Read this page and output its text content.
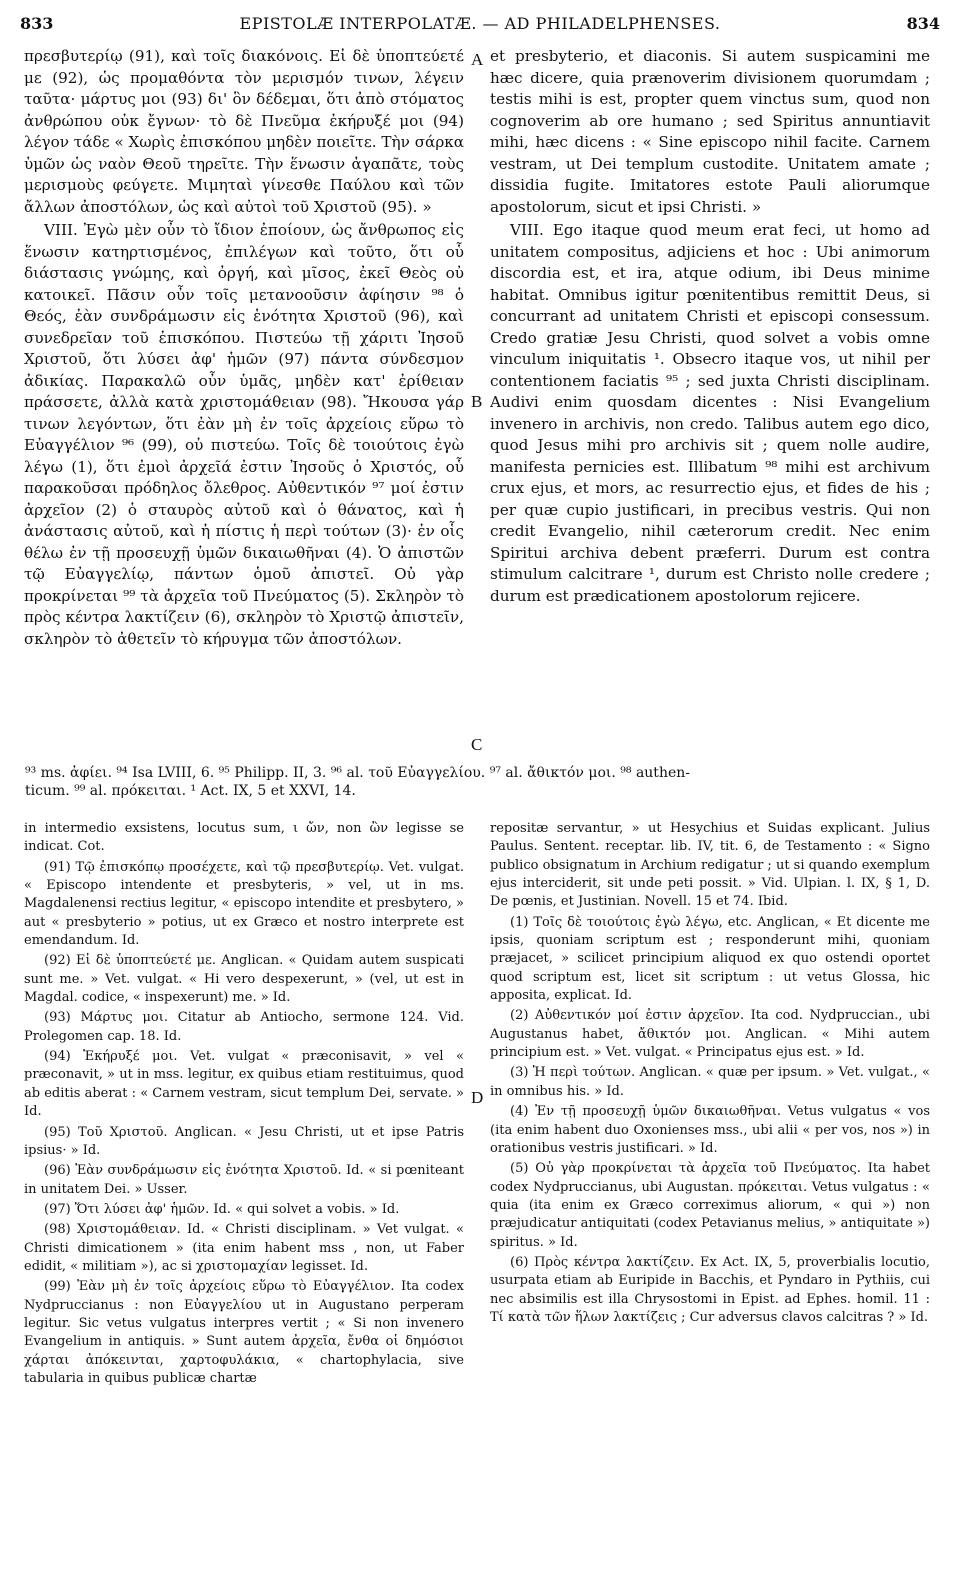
833	EPISTOLÆ INTERPOLATÆ. — AD PHILADELPHENSES.	834

πρεσβυτερίῳ (91), καὶ τοῖς διακόνοις. Εἰ δὲ ὑποπτεύετέ με (92), ὡς προμαθόντα τὸν μερισμόν τινων, λέγειν ταῦτα· μάρτυς μοι (93) δι' ὃν δέδεμαι, ὅτι ἀπὸ στόματος ἀνθρώπου οὐκ ἔγνων· τὸ δὲ Πνεῦμα ἐκήρυξέ μοι (94) λέγον τάδε « Χωρὶς ἐπισκόπου μηδὲν ποιεῖτε. Τὴν σάρκα ὑμῶν ὡς ναὸν Θεοῦ τηρεῖτε. Τὴν ἕνωσιν ἀγαπᾶτε, τοὺς μερισμοὺς φεύγετε. Μιμηταὶ γίνεσθε Παύλου καὶ τῶν ἄλλων ἀποστόλων, ὡς καὶ αὐτοὶ τοῦ Χριστοῦ (95). »

VIII. Ἐγὼ μὲν οὖν τὸ ἴδιον ἐποίουν, ὡς ἄνθρωπος εἰς ἕνωσιν κατηρτισμένος, ἐπιλέγων καὶ τοῦτο, ὅτι οὗ διάστασις γνώμης, καὶ ὀργή, καὶ μῖσος, ἐκεῖ Θεὸς οὐ κατοικεῖ. Πᾶσιν οὖν τοῖς μετανοοῦσιν ἀφίησιν ⁹⁸ ὁ Θεός, ἐὰν συνδράμωσιν εἰς ἑνότητα Χριστοῦ (96), καὶ συνεδρεῖαν τοῦ ἐπισκόπου. Πιστεύω τῇ χάριτι Ἰησοῦ Χριστοῦ, ὅτι λύσει ἀφ' ἡμῶν (97) πάντα σύνδεσμον ἀδικίας. Παρακαλῶ οὖν ὑμᾶς, μηδὲν κατ' ἐρίθειαν πράσσετε, ἀλλὰ κατὰ χριστομάθειαν (98). Ἤκουσα γάρ τινων λεγόντων, ὅτι ἐὰν μὴ ἐν τοῖς ἀρχείοις εὕρω τὸ Εὐαγγέλιον ⁹⁶ (99), οὐ πιστεύω. Τοῖς δὲ τοιούτοις ἐγὼ λέγω (1), ὅτι ἐμοὶ ἀρχεῖά ἐστιν Ἰησοῦς ὁ Χριστός, οὗ παρακοῦσαι πρόδηλος ὄλεθρος. Αὐθεντικόν ⁹⁷ μοί ἐστιν ἀρχεῖον (2) ὁ σταυρὸς αὐτοῦ καὶ ὁ θάνατος, καὶ ἡ ἀνάστασις αὐτοῦ, καὶ ἡ πίστις ἡ περὶ τούτων (3)· ἐν οἷς θέλω ἐν τῇ προσευχῇ ὑμῶν δικαιωθῆναι (4). Ὁ ἀπιστῶν τῷ Εὐαγγελίῳ, πάντων ὁμοῦ ἀπιστεῖ. Οὐ γὰρ προκρίνεται ⁹⁹ τὰ ἀρχεῖα τοῦ Πνεύματος (5). Σκληρὸν τὸ πρὸς κέντρα λακτίζειν (6), σκληρὸν τὸ Χριστῷ ἀπιστεῖν, σκληρὸν τὸ ἀθετεῖν τὸ κήρυγμα τῶν ἀποστόλων.

et presbyterio, et diaconis. Si autem suspicamini me hæc dicere, quia prænoverim divisionem quorumdam ; testis mihi is est, propter quem vinctus sum, quod non cognoverim ab ore humano ; sed Spiritus annuntiavit mihi, hæc dicens : « Sine episcopo nihil facite. Carnem vestram, ut Dei templum custodite. Unitatem amate ; dissidia fugite. Imitatores estote Pauli aliorumque apostolorum, sicut et ipsi Christi. »

VIII. Ego itaque quod meum erat feci, ut homo ad unitatem compositus, adjiciens et hoc : Ubi animorum discordia est, et ira, atque odium, ibi Deus minime habitat. Omnibus igitur pœnitentibus remittit Deus, si concurrant ad unitatem Christi et episcopi consessum. Credo gratiæ Jesu Christi, quod solvet a vobis omne vinculum iniquitatis ¹. Obsecro itaque vos, ut nihil per contentionem faciatis ⁹⁵ ; sed juxta Christi disciplinam. Audivi enim quosdam dicentes : Nisi Evangelium invenero in archivis, non credo. Talibus autem ego dico, quod Jesus mihi pro archivis sit ; quem nolle audire, manifesta pernicies est. Illibatum ⁹⁸ mihi est archivum crux ejus, et mors, ac resurrectio ejus, et fides de his ; per quæ cupio justificari, in precibus vestris. Qui non credit Evangelio, nihil cæterorum credit. Nec enim Spiritui archiva debent præferri. Durum est contra stimulum calcitrare ¹, durum est Christo nolle credere ; durum est prædicationem apostolorum rejicere.

A
B
C
D
⁹³ ms. ἀφίει. ⁹⁴ Isa LVIII, 6. ⁹⁵ Philipp. II, 3. ⁹⁶ al. τοῦ Εὐαγγελίου. ⁹⁷ al. ἄθικτόν μοι. ⁹⁸ authen-
ticum. ⁹⁹ al. πρόκειται. ¹ Act. IX, 5 et XXVI, 14.

in intermedio exsistens, locutus sum, ι ὤν, non ὢν legisse se indicat. Cot.

(91) Τῷ ἐπισκόπῳ προσέχετε, καὶ τῷ πρεσβυτερίῳ. Vet. vulgat. « Episcopo intendente et presbyteris, » vel, ut in ms. Magdalenensi rectius legitur, « episcopo intendite et presbytero, » aut « presbyterio » potius, ut ex Græco et nostro interprete est emendandum. Id.

(92) Εἰ δὲ ὑποπτεύετέ με. Anglican. « Quidam autem suspicati sunt me. » Vet. vulgat. « Hi vero despexerunt, » (vel, ut est in Magdal. codice, « inspexerunt) me. » Id.

(93) Μάρτυς μοι. Citatur ab Antiocho, sermone 124. Vid. Prolegomen cap. 18. Id.

(94) Ἐκήρυξέ μοι. Vet. vulgat « præconisavit, » vel « præconavit, » ut in mss. legitur, ex quibus etiam restituimus, quod ab editis aberat : « Carnem vestram, sicut templum Dei, servate. » Id.

(95) Τοῦ Χριστοῦ. Anglican. « Jesu Christi, ut et ipse Patris ipsius· » Id.

(96) Ἐὰν συνδράμωσιν εἰς ἑνότητα Χριστοῦ. Id. « si pœniteant in unitatem Dei. » Usser.

(97) Ὅτι λύσει ἀφ' ἡμῶν. Id. « qui solvet a vobis. » Id.

(98) Χριστομάθειαν. Id. « Christi disciplinam. » Vet vulgat. « Christi dimicationem » (ita enim habent mss , non, ut Faber edidit, « militiam »), ac si χριστομαχίαν legisset. Id.

(99) Ἐὰν μὴ ἐν τοῖς ἀρχείοις εὕρω τὸ Εὐαγγέλιον. Ita codex Nydpruccianus : non Εὐαγγελίου ut in Augustano perperam legitur. Sic vetus vulgatus interpres vertit ; « Si non invenero Evangelium in antiquis. » Sunt autem ἀρχεῖα, ἔνθα οἱ δημόσιοι χάρται ἀπόκεινται, χαρτοφυλάκια, « chartophylacia, sive tabularia in quibus publicæ chartæ

repositæ servantur, » ut Hesychius et Suidas explicant. Julius Paulus. Sentent. receptar. lib. IV, tit. 6, de Testamento : « Signo publico obsignatum in Archium redigatur ; ut si quando exemplum ejus interciderit, sit unde peti possit. » Vid. Ulpian. l. IX, § 1, D. De pœnis, et Justinian. Novell. 15 et 74. Ibid.

(1) Τοῖς δὲ τοιούτοις ἐγὼ λέγω, etc. Anglican, « Et dicente me ipsis, quoniam scriptum est ; responderunt mihi, quoniam præjacet, » scilicet principium aliquod ex quo ostendi oportet quod scriptum est, licet sit scriptum : ut vetus Glossa, hic apposita, explicat. Id.

(2) Αὐθεντικόν μοί ἐστιν ἀρχεῖον. Ita cod. Nydpruccian., ubi Augustanus habet, ἄθικτόν μοι. Anglican. « Mihi autem principium est. » Vet. vulgat. « Principatus ejus est. » Id.

(3) Ἡ περὶ τούτων. Anglican. « quæ per ipsum. » Vet. vulgat., « in omnibus his. » Id.

(4) Ἐν τῇ προσευχῇ ὑμῶν δικαιωθῆναι. Vetus vulgatus « vos (ita enim habent duo Oxonienses mss., ubi alii « per vos, nos ») in orationibus vestris justificari. » Id.

(5) Οὐ γὰρ προκρίνεται τὰ ἀρχεῖα τοῦ Πνεύματος. Ita habet codex Nydpruccianus, ubi Augustan. πρόκειται. Vetus vulgatus : « quia (ita enim ex Græco correximus aliorum, « qui ») non præjudicatur antiquitati (codex Petavianus melius, » antiquitate ») spiritus. » Id.

(6) Πρὸς κέντρα λακτίζειν. Ex Act. IX, 5, proverbialis locutio, usurpata etiam ab Euripide in Bacchis, et Pyndaro in Pythiis, cui nec absimilis est illa Chrysostomi in Epist. ad Ephes. homil. 11 : Τί κατὰ τῶν ἥλων λακτίζεις ; Cur adversus clavos calcitras ? » Id.
